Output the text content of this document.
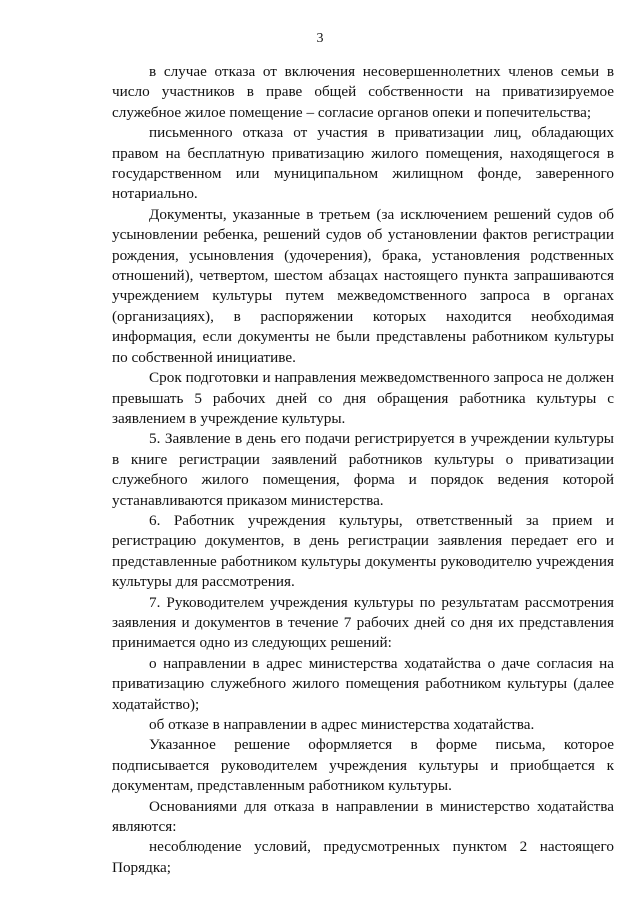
3

в случае отказа от включения несовершеннолетних членов семьи в число участников в праве общей собственности на приватизируемое служебное жилое помещение – согласие органов опеки и попечительства;

письменного отказа от участия в приватизации лиц, обладающих правом на бесплатную приватизацию жилого помещения, находящегося в государственном или муниципальном жилищном фонде, заверенного нотариально.

Документы, указанные в третьем (за исключением решений судов об усыновлении ребенка, решений судов об установлении фактов регистрации рождения, усыновления (удочерения), брака, установления родственных отношений), четвертом, шестом абзацах настоящего пункта запрашиваются учреждением культуры путем межведомственного запроса в органах (организациях), в распоряжении которых находится необходимая информация, если документы не были представлены работником культуры по собственной инициативе.

Срок подготовки и направления межведомственного запроса не должен превышать 5 рабочих дней со дня обращения работника культуры с заявлением в учреждение культуры.

5. Заявление в день его подачи регистрируется в учреждении культуры в книге регистрации заявлений работников культуры о приватизации служебного жилого помещения, форма и порядок ведения которой устанавливаются приказом министерства.

6. Работник учреждения культуры, ответственный за прием и регистрацию документов, в день регистрации заявления передает его и представленные работником культуры документы руководителю учреждения культуры для рассмотрения.

7. Руководителем учреждения культуры по результатам рассмотрения заявления и документов в течение 7 рабочих дней со дня их представления принимается одно из следующих решений:

о направлении в адрес министерства ходатайства о даче согласия на приватизацию служебного жилого помещения работником культуры (далее ходатайство);

об отказе в направлении в адрес министерства ходатайства.

Указанное решение оформляется в форме письма, которое подписывается руководителем учреждения культуры и приобщается к документам, представленным работником культуры.

Основаниями для отказа в направлении в министерство ходатайства являются:

несоблюдение условий, предусмотренных пунктом 2 настоящего Порядка;
